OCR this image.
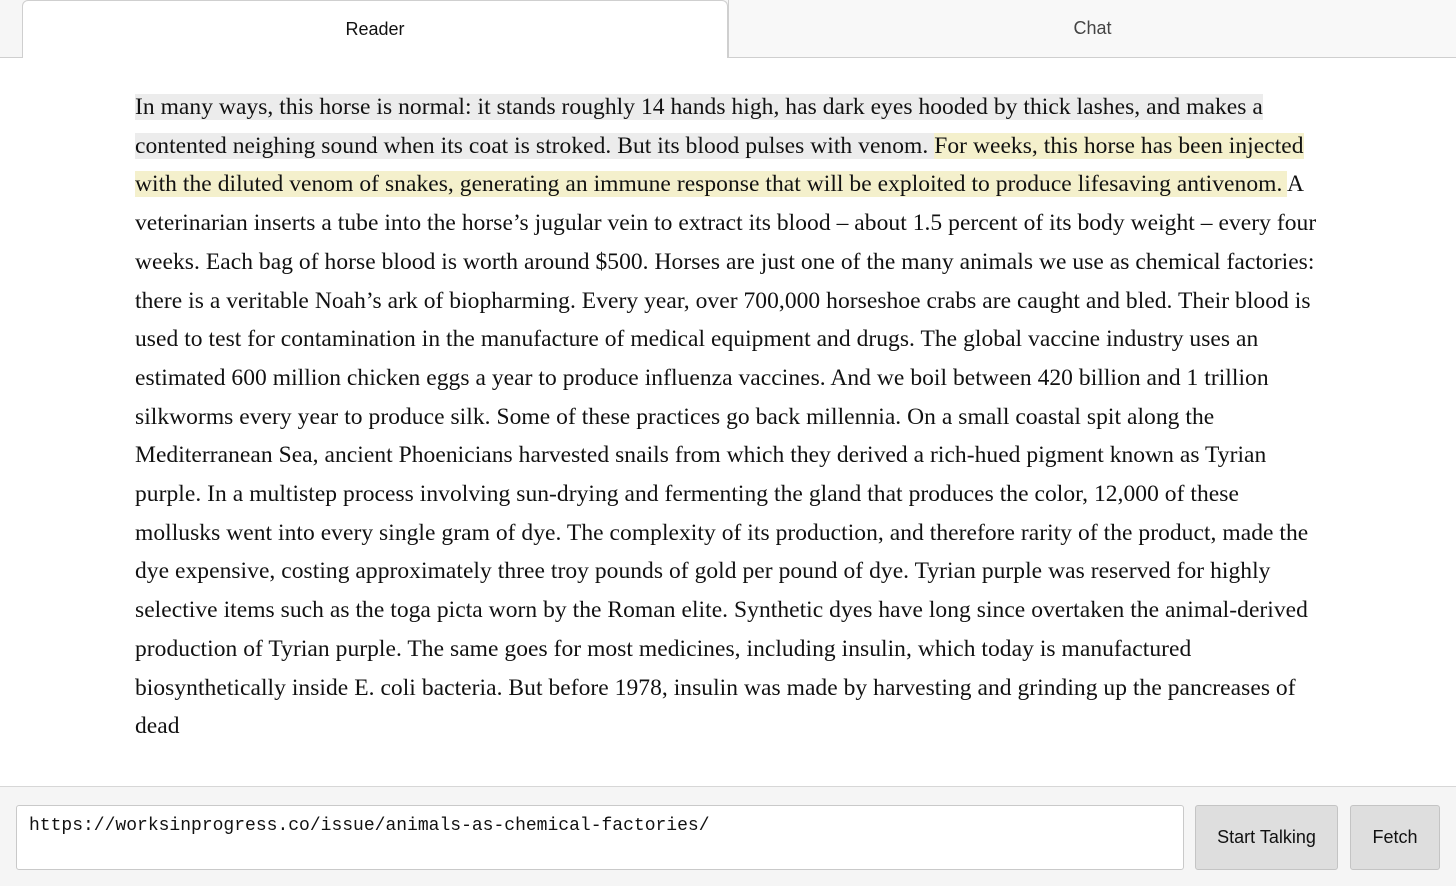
Reader	Chat

In many ways, this horse is normal: it stands roughly 14 hands high, has dark eyes hooded by thick lashes, and makes a contented neighing sound when its coat is stroked. But its blood pulses with venom. For weeks, this horse has been injected with the diluted venom of snakes, generating an immune response that will be exploited to produce lifesaving antivenom. A veterinarian inserts a tube into the horse’s jugular vein to extract its blood – about 1.5 percent of its body weight – every four weeks. Each bag of horse blood is worth around $500. Horses are just one of the many animals we use as chemical factories: there is a veritable Noah’s ark of biopharming. Every year, over 700,000 horseshoe crabs are caught and bled. Their blood is used to test for contamination in the manufacture of medical equipment and drugs. The global vaccine industry uses an estimated 600 million chicken eggs a year to produce influenza vaccines. And we boil between 420 billion and 1 trillion silkworms every year to produce silk. Some of these practices go back millennia. On a small coastal spit along the Mediterranean Sea, ancient Phoenicians harvested snails from which they derived a rich-hued pigment known as Tyrian purple. In a multistep process involving sun-drying and fermenting the gland that produces the color, 12,000 of these mollusks went into every single gram of dye. The complexity of its production, and therefore rarity of the product, made the dye expensive, costing approximately three troy pounds of gold per pound of dye. Tyrian purple was reserved for highly selective items such as the toga picta worn by the Roman elite. Synthetic dyes have long since overtaken the animal-derived production of Tyrian purple. The same goes for most medicines, including insulin, which today is manufactured biosynthetically inside E. coli bacteria. But before 1978, insulin was made by harvesting and grinding up the pancreases of dead

https://worksinprogress.co/issue/animals-as-chemical-factories/
Start Talking	Fetch
